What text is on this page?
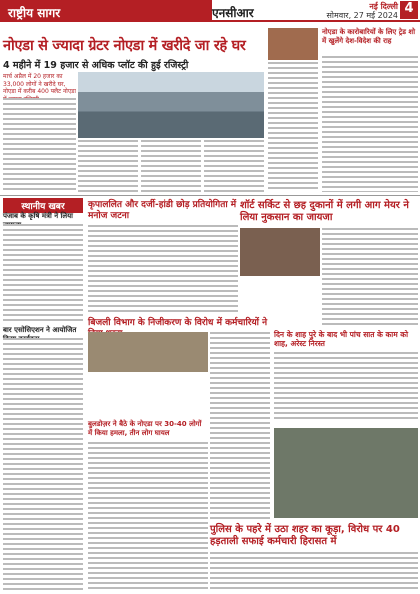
राष्ट्रीय सागर	एनसीआर	नई दिल्ली
सोमवार, 27 मई 2024 4
नोएडा से ज्यादा ग्रेटर नोएडा में खरीदे जा रहे घर
4 महीने में 19 हजार से अधिक प्लॉट की हुई रजिस्ट्री
मार्च अप्रैल में 20 हजार का 33,000 लोगों ने खरीदे घर, नोएडा में करीब 400 फ्लैट नोएडा
नोएडा के कारोबारियों के लिए ट्रेड शो में खुलेंगे देश-विदेश की राह
स्थानीय खबर
पंजाब के कृषि मंत्री ने लिया
बार एसोसिएशन ने आयोजित
कृपाललित और दर्जी-हांडी छोड़ प्रतियोगिता में मनोज जटना
शॉर्ट सर्किट से छह दुकानों में लगी आग मेयर ने लिया नुकसान का जायजा
बिजली विभाग के निजीकरण के विरोध में कर्मचारियों ने
दिन के शाह पुरे के बाद भी पांच सात के काम को शाह, अरेस्ट निरस्त
बुलडोज़र ने बैठे के नोएडा पर 30-40 लोगों में किया हमला, तीन लोग घायल
पुलिस के पहरे में उठा शहर का कूड़ा, विरोध पर 40 हड़ताली सफाई कर्मचारी हिरासत में
